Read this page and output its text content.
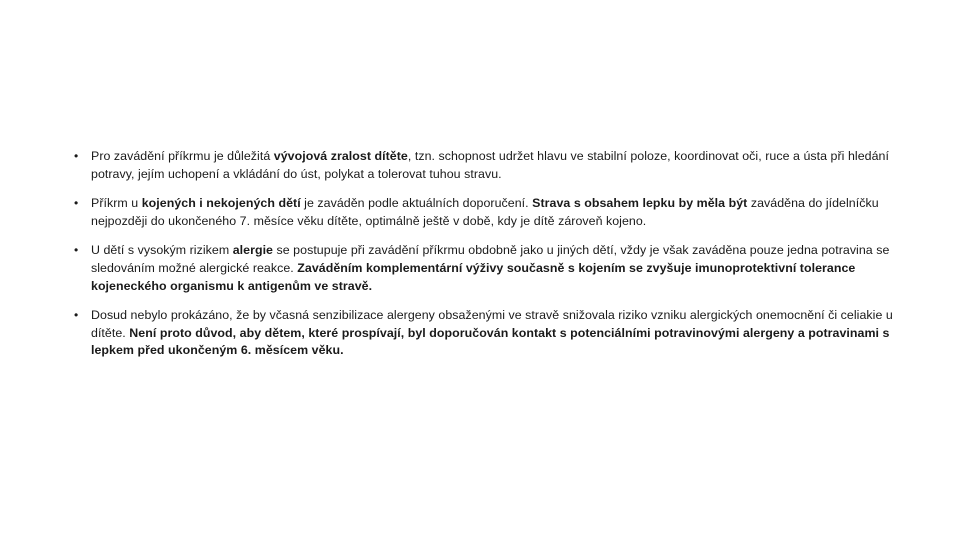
• Pro zavádění příkrmu je důležitá vývojová zralost dítěte, tzn. schopnost udržet hlavu ve stabilní poloze, koordinovat oči, ruce a ústa při hledání potravy, jejím uchopení a vkládání do úst, polykat a tolerovat tuhou stravu.
• Příkrm u kojených i nekojených dětí je zaváděn podle aktuálních doporučení. Strava s obsahem lepku by měla být zaváděna do jídelníčku nejpozději do ukončeného 7. měsíce věku dítěte, optimálně ještě v době, kdy je dítě zároveň kojeno.
• U dětí s vysokým rizikem alergie se postupuje při zavádění příkrmu obdobně jako u jiných dětí, vždy je však zaváděna pouze jedna potravina se sledováním možné alergické reakce. Zaváděním komplementární výživy současně s kojením se zvyšuje imunoprotektivní tolerance kojeneckého organismu k antigenům ve stravě.
• Dosud nebylo prokázáno, že by včasná senzibilizace alergeny obsaženými ve stravě snižovala riziko vzniku alergických onemocnění či celiakie u dítěte. Není proto důvod, aby dětem, které prospívají, byl doporučován kontakt s potenciálními potravinovými alergeny a potravinami s lepkem před ukončeným 6. měsícem věku.
